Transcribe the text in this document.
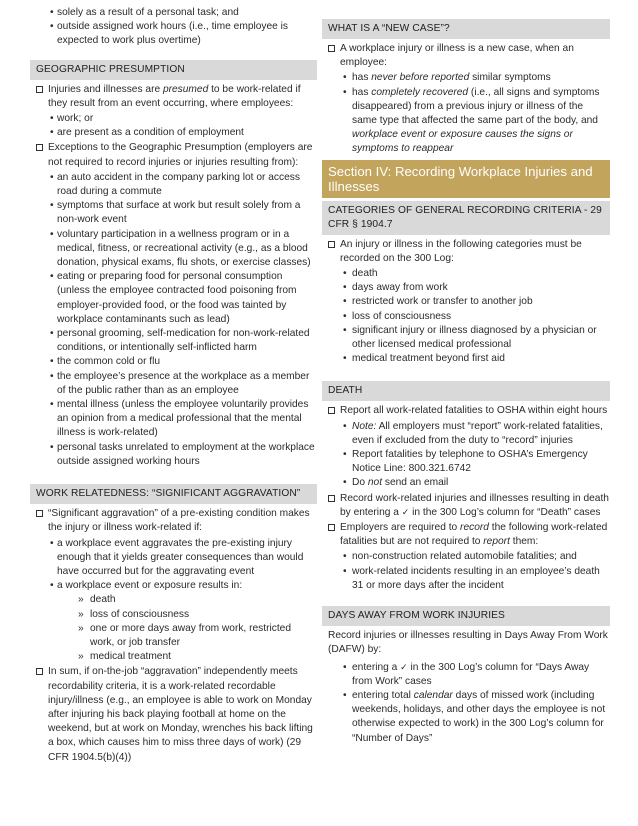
• solely as a result of a personal task; and
• outside assigned work hours (i.e., time employee is expected to work plus overtime)
GEOGRAPHIC PRESUMPTION
Injuries and illnesses are presumed to be work-related if they result from an event occurring, where employees:
• work; or
• are present as a condition of employment
Exceptions to the Geographic Presumption (employers are not required to record injuries or injuries resulting from):
• an auto accident in the company parking lot or access road during a commute
• symptoms that surface at work but result solely from a non-work event
• voluntary participation in a wellness program or in a medical, fitness, or recreational activity (e.g., as a blood donation, physical exams, flu shots, or exercise classes)
• eating or preparing food for personal consumption (unless the employee contracted food poisoning from employer-provided food, or the food was tainted by workplace contaminants such as lead)
• personal grooming, self-medication for non-work-related conditions, or intentionally self-inflicted harm
• the common cold or flu
• the employee’s presence at the workplace as a member of the public rather than as an employee
• mental illness (unless the employee voluntarily provides an opinion from a medical professional that the mental illness is work-related)
• personal tasks unrelated to employment at the workplace outside assigned working hours
WORK RELATEDNESS: “SIGNIFICANT AGGRAVATION”
“Significant aggravation” of a pre-existing condition makes the injury or illness work-related if:
• a workplace event aggravates the pre-existing injury enough that it yields greater consequences than would have occurred but for the aggravating event
• a workplace event or exposure results in:
» death
» loss of consciousness
» one or more days away from work, restricted work, or job transfer
» medical treatment
In sum, if on-the-job “aggravation” independently meets recordability criteria, it is a work-related recordable injury/illness (e.g., an employee is able to work on Monday after injuring his back playing football at home on the weekend, but at work on Monday, wrenches his back lifting a box, which causes him to miss three days of work) (29 CFR 1904.5(b)(4))
WHAT IS A “NEW CASE”?
A workplace injury or illness is a new case, when an employee:
• has never before reported similar symptoms
• has completely recovered (i.e., all signs and symptoms disappeared) from a previous injury or illness of the same type that affected the same part of the body, and workplace event or exposure causes the signs or symptoms to reappear
Section IV: Recording Workplace Injuries and Illnesses
CATEGORIES OF GENERAL RECORDING CRITERIA - 29 CFR § 1904.7
An injury or illness in the following categories must be recorded on the 300 Log:
• death
• days away from work
• restricted work or transfer to another job
• loss of consciousness
• significant injury or illness diagnosed by a physician or other licensed medical professional
• medical treatment beyond first aid
DEATH
Report all work-related fatalities to OSHA within eight hours
• Note: All employers must “report” work-related fatalities, even if excluded from the duty to “record” injuries
• Report fatalities by telephone to OSHA’s Emergency Notice Line: 800.321.6742
• Do not send an email
Record work-related injuries and illnesses resulting in death by entering a ✓ in the 300 Log’s column for “Death” cases
Employers are required to record the following work-related fatalities but are not required to report them:
• non-construction related automobile fatalities; and
• work-related incidents resulting in an employee’s death 31 or more days after the incident
DAYS AWAY FROM WORK INJURIES
Record injuries or illnesses resulting in Days Away From Work (DAFW) by:
• entering a ✓ in the 300 Log’s column for “Days Away from Work” cases
• entering total calendar days of missed work (including weekends, holidays, and other days the employee is not otherwise expected to work) in the 300 Log’s column for “Number of Days”
